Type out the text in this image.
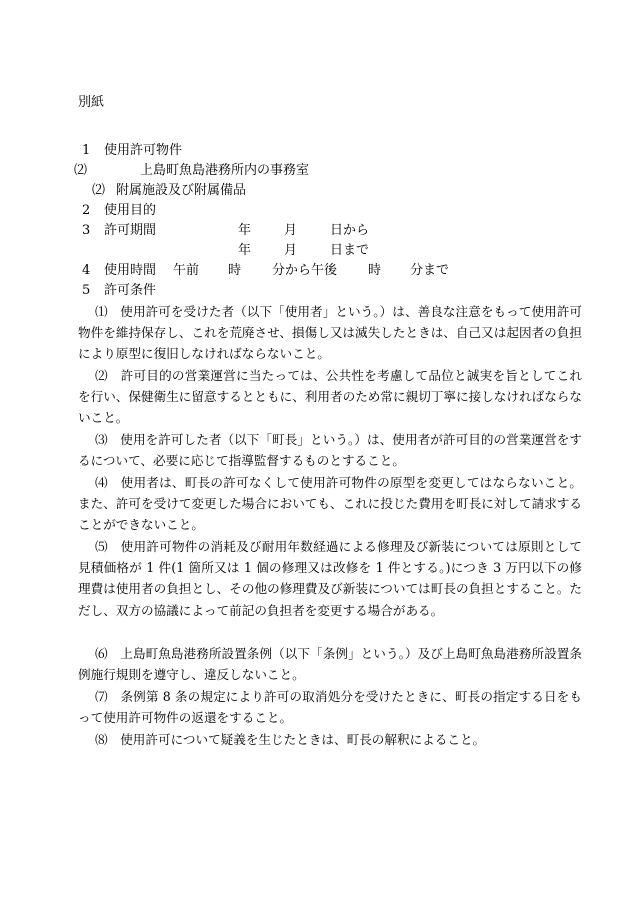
別紙
1 使用許可物件
⑵	上島町魚島港務所内の事務室
⑵ 附属施設及び附属備品
2 使用目的
3 許可期間	年	月	日から
年	月	日まで
4 使用時間 午前 時 分から午後 時 分まで
5 許可条件
⑴　使用許可を受けた者（以下「使用者」という。）は、善良な注意をもって使用許可物件を維持保存し、これを荒廃させ、損傷し又は滅失したときは、自己又は起因者の負担により原型に復旧しなければならないこと。
⑵　許可目的の営業運営に当たっては、公共性を考慮して品位と誠実を旨としてこれを行い、保健衛生に留意するとともに、利用者のため常に親切丁寧に接しなければならないこと。
⑶　使用を許可した者（以下「町長」という。）は、使用者が許可目的の営業運営をするについて、必要に応じて指導監督するものとすること。
⑷　使用者は、町長の許可なくして使用許可物件の原型を変更してはならないこと。また、許可を受けて変更した場合においても、これに投じた費用を町長に対して請求することができないこと。
⑸　使用許可物件の消耗及び耐用年数経過による修理及び新装については原則として見積価格が 1 件(1 箇所又は 1 個の修理又は改修を 1 件とする。)につき 3 万円以下の修理費は使用者の負担とし、その他の修理費及び新装については町長の負担とすること。ただし、双方の協議によって前記の負担者を変更する場合がある。
⑹　上島町魚島港務所設置条例（以下「条例」という。）及び上島町魚島港務所設置条例施行規則を遵守し、違反しないこと。
⑺　条例第 8 条の規定により許可の取消処分を受けたときに、町長の指定する日をもって使用許可物件の返還をすること。
⑻　使用許可について疑義を生じたときは、町長の解釈によること。
